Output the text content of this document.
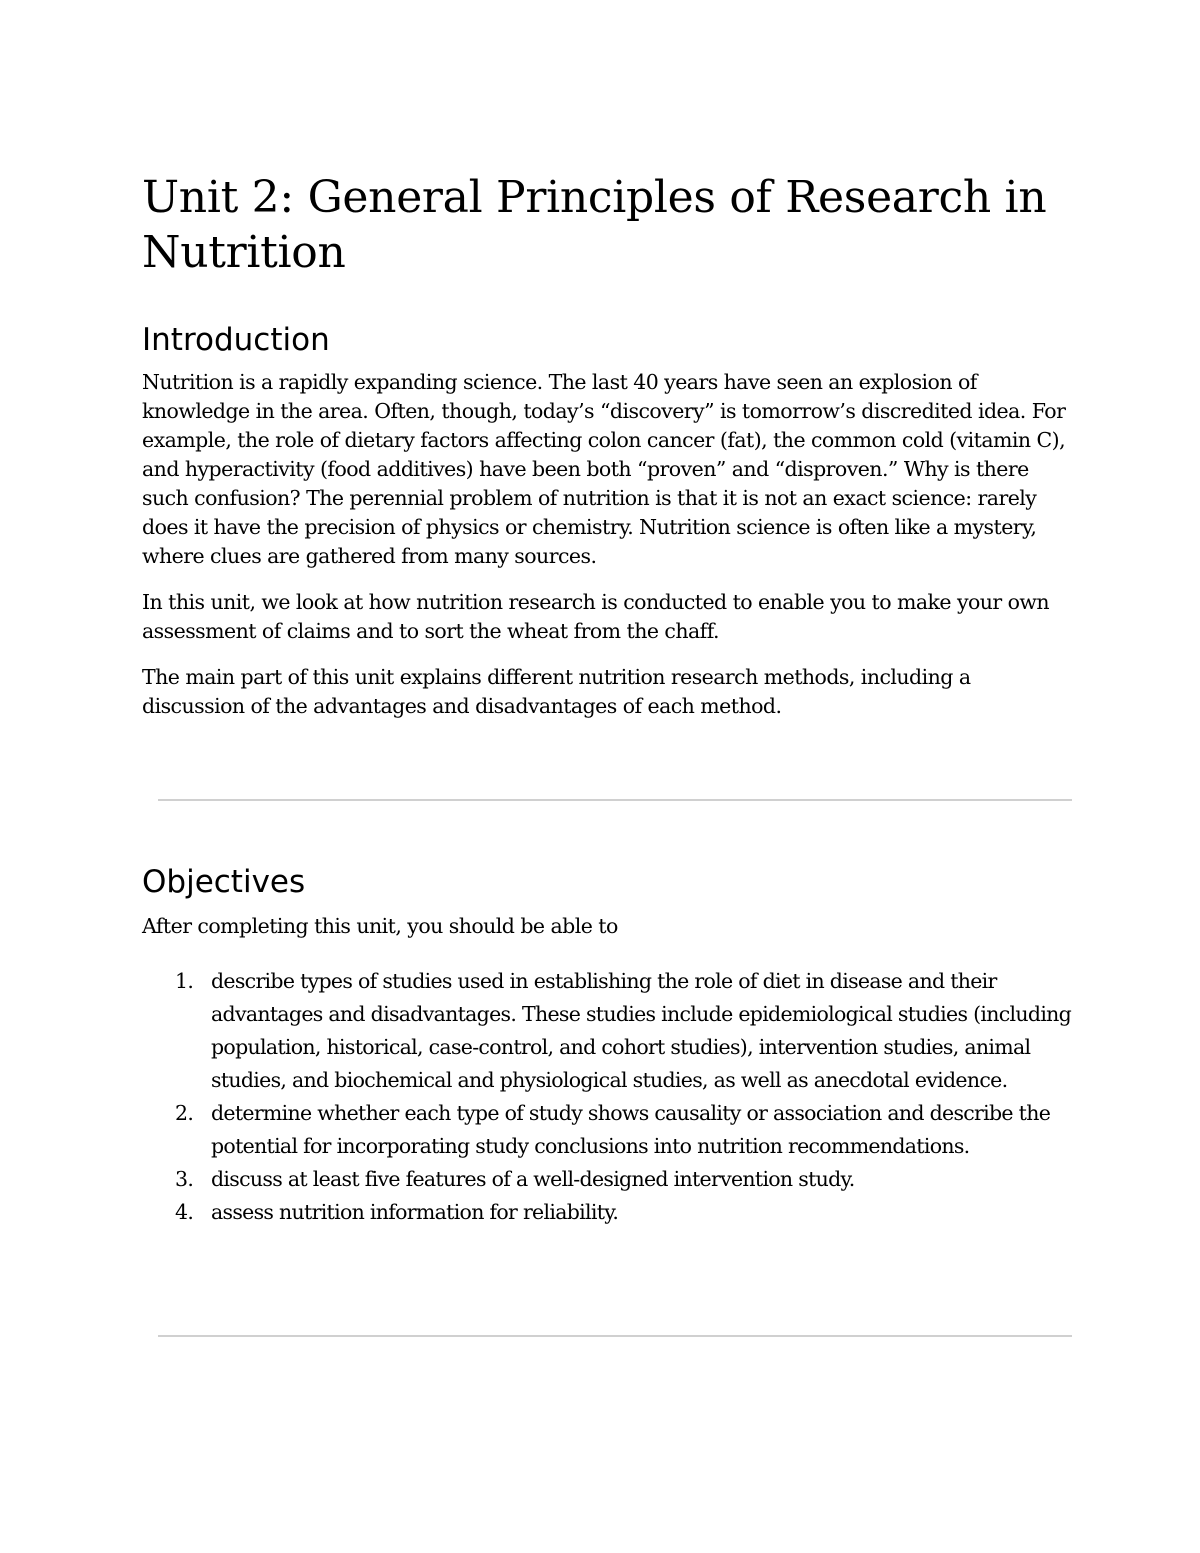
Unit 2: General Principles of Research in Nutrition
Introduction

Nutrition is a rapidly expanding science. The last 40 years have seen an explosion of knowledge in the area. Often, though, today’s “discovery” is tomorrow’s discredited idea. For example, the role of dietary factors affecting colon cancer (fat), the common cold (vitamin C), and hyperactivity (food additives) have been both “proven” and “disproven.” Why is there such confusion? The perennial problem of nutrition is that it is not an exact science: rarely does it have the precision of physics or chemistry. Nutrition science is often like a mystery, where clues are gathered from many sources.

In this unit, we look at how nutrition research is conducted to enable you to make your own assessment of claims and to sort the wheat from the chaff.

The main part of this unit explains different nutrition research methods, including a discussion of the advantages and disadvantages of each method.

Objectives

After completing this unit, you should be able to

1. describe types of studies used in establishing the role of diet in disease and their advantages and disadvantages. These studies include epidemiological studies (including population, historical, case-control, and cohort studies), intervention studies, animal studies, and biochemical and physiological studies, as well as anecdotal evidence.
2. determine whether each type of study shows causality or association and describe the potential for incorporating study conclusions into nutrition recommendations.
3. discuss at least five features of a well-designed intervention study.
4. assess nutrition information for reliability.
